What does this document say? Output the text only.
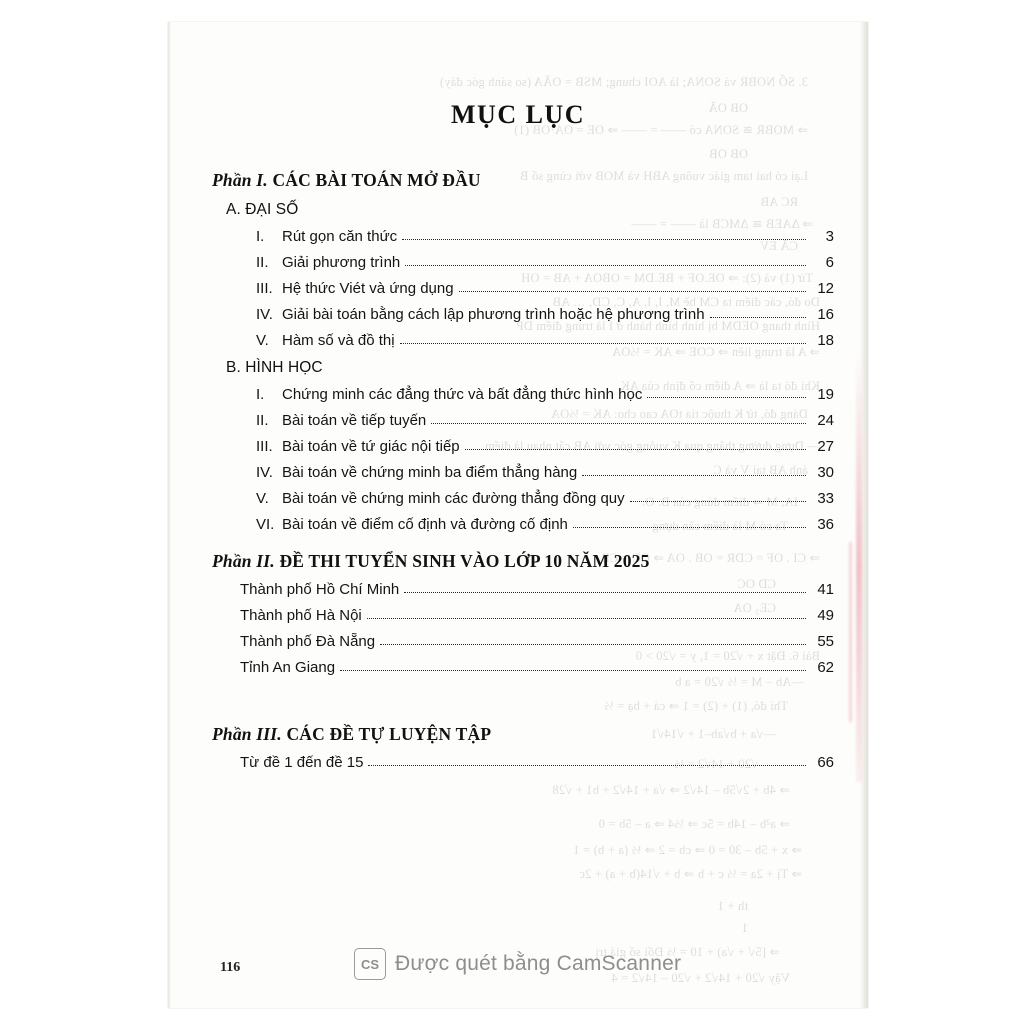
3. SỐ NOBR và SONA; là AOI chung; MSB = OĂA (so sánh góc đáy)
OB OĂ
⇒ MOBR ≅ SONA có —— = —— ⇒ OE = OA·OB (1)
OB OB
Lại có hai tam giác vuông ABH và MOB với cùng số B
RC AB
⇒ ΔAEB ≅ ΔMCB là —— = ——
CĂ EV
Từ (1) và (2): ⇒ OE.OF + BE.DM = OBOA + AB = OH
Do đó, các điểm ta CM bề M, I, I, A, C, CD, … AB
Hình thang OEDM bị hình bình hành ở I là trung điểm DP
⇒ A là trung liên ⇒ COE ⇒ AK = ⅓OA
Khi đó ta là ⇒ A điểm cố định của AK
Dáng đó, từ K thuộc tia tOA cao cho: AK = ⅓OA
— Dựng đường thẳng qua K vuông góc với AB cắt nhau là điểm
ảnh AB tại V và C
IA, M ⇒ điểm đúng của B. O.
Ta có M là điểm cần dựng
⇒ CI . OF = CDR = OB . OA ⇒ OC = CB
CD OC
CE₂ OA
Bài 6. Đặt x + √20 = 1, y = √20 > 0
—Ab – M = ⅓ √20 = a b
Thì đó, (1) + (2) = 1 ⇒ cá + bạ = ⅓
—√a + b√ab–1 + √14√1
√20 + 14√2 = ½
⇒ 4b + 2√5b – 14√2 ⇒ √a + 14√2 + b1 + √28
⇒ a²b – 14b = 5c ⇒ ⅓4 ⇒ a – 5b = 0
⇒ x + 5b – 30 = 0 ⇒ cb = 2 ⇒ ½ (a + b) = 1
⇒ Tị + 2a = ⅓ c + b ⇒ b + √14(b + a) + 2c
th + 1
1
⇒ [5√ + √a) + 10 = ⅓ Đối số giá trị
Vậy √20 + 14√2 + √20 – 14√2 = 4
MỤC LỤC
Phần I. CÁC BÀI TOÁN MỞ ĐẦU
A. ĐẠI SỐ
I.	Rút gọn căn thức	3
II. Giải phương trình	6
III. Hệ thức Viét và ứng dụng	12
IV. Giải bài toán bằng cách lập phương trình hoặc hệ phương trình	16
V. Hàm số và đồ thị	18
B. HÌNH HỌC
I.	Chứng minh các đẳng thức và bất đẳng thức hình học	19
II. Bài toán về tiếp tuyến	24
III. Bài toán về tứ giác nội tiếp	27
IV. Bài toán về chứng minh ba điểm thẳng hàng	30
V. Bài toán về chứng minh các đường thẳng đồng quy	33
VI. Bài toán về điểm cố định và đường cố định	36
Phần II. ĐỀ THI TUYỂN SINH VÀO LỚP 10 NĂM 2025
Thành phố Hồ Chí Minh	41
Thành phố Hà Nội	49
Thành phố Đà Nẵng	55
Tỉnh An Giang	62
Phần III. CÁC ĐỀ TỰ LUYỆN TẬP
Từ đề 1 đến đề 15	66
116	CS Được quét bằng CamScanner
